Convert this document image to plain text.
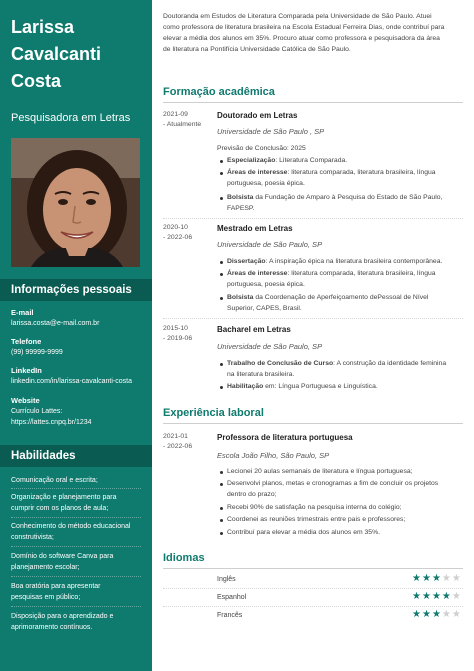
Larissa
Cavalcanti
Costa
Pesquisadora em Letras
Informações pessoais
E-mail
larissa.costa@e-mail.com.br
Telefone
(99) 99999-9999
LinkedIn
linkedin.com/in/larissa-cavalcanti-costa
Website
Currículo Lattes:
https://lattes.cnpq.br/1234
Habilidades
Comunicação oral e escrita;
Organização e planejamento para
cumprir com os planos de aula;
Conhecimento do método educacional
construtivista;
Domínio do software Canva para
planejamento escolar;
Boa oratória para apresentar
pesquisas em público;
Disposição para o aprendizado e
aprimoramento contínuos.
Doutoranda em Estudos de Literatura Comparada pela Universidade de São Paulo. Atuei
como professora de literatura brasileira na Escola Estadual Ferreira Dias, onde contribuí para
elevar a média dos alunos em 35%. Procuro atuar como professora e pesquisadora da área
de literatura na Pontifícia Universidade Católica de São Paulo.
Formação acadêmica
2021-09
- Atualmente
Doutorado em Letras
Universidade de São Paulo , SP
Previsão de Conclusão: 2025
Especialização: Literatura Comparada.
Áreas de interesse: literatura comparada, literatura brasileira, língua
portuguesa, poesia épica.
Bolsista da Fundação de Amparo à Pesquisa do Estado de São Paulo,
FAPESP.
2020-10
- 2022-06
Mestrado em Letras
Universidade de São Paulo, SP
Dissertação: A inspiração épica na literatura brasileira contemporânea.
Áreas de interesse: literatura comparada, literatura brasileira, língua
portuguesa, poesia épica.
Bolsista da Coordenação de Aperfeiçoamento dePessoal de Nível
Superior, CAPES, Brasil.
2015-10
- 2019-06
Bacharel em Letras
Universidade de São Paulo, SP
Trabalho de Conclusão de Curso: A construção da identidade feminina
na literatura brasileira.
Habilitação em: Língua Portuguesa e Linguística.
Experiência laboral
2021-01
- 2022-06
Professora de literatura portuguesa
Escola João Filho, São Paulo, SP
Lecionei 20 aulas semanais de literatura e língua portuguesa;
Desenvolvi planos, metas e cronogramas a fim de concluir os projetos
dentro do prazo;
Recebi 90% de satisfação na pesquisa interna do colégio;
Coordenei as reuniões trimestrais entre pais e professores;
Contribuí para elevar a média dos alunos em 35%.
Idiomas
Inglês	★★★★★
Espanhol	★★★★★
Francês	★★★★★
